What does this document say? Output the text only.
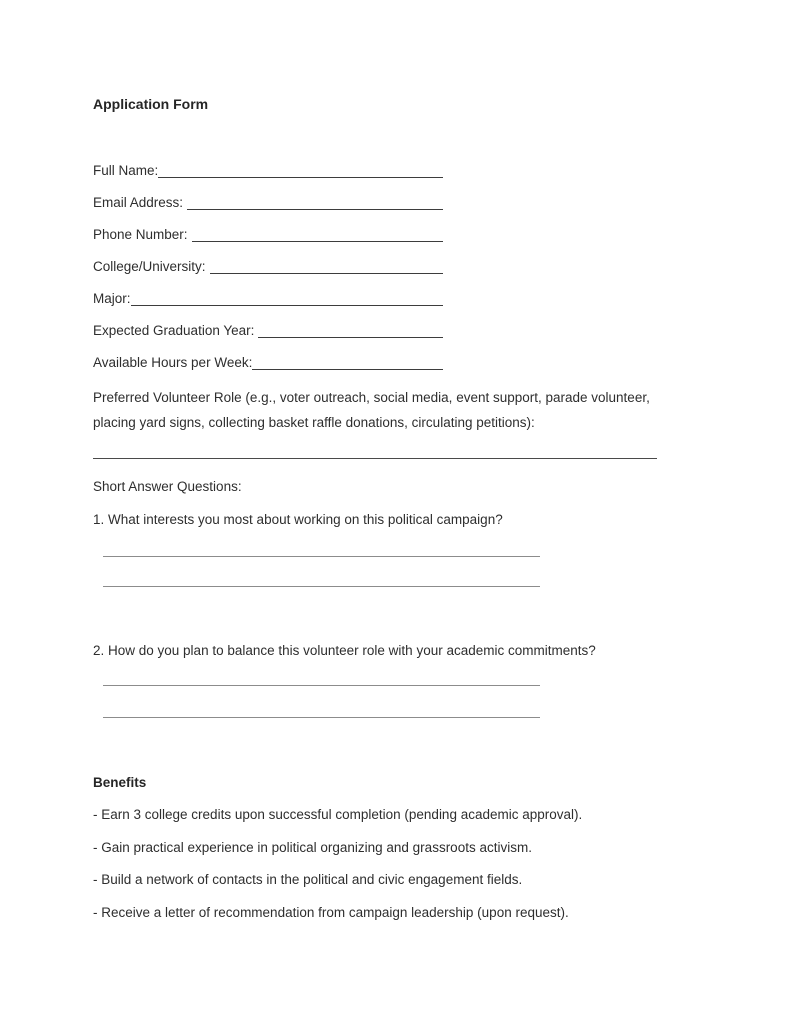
Application Form
Full Name:
Email Address:
Phone Number:
College/University:
Major:
Expected Graduation Year:
Available Hours per Week:

Preferred Volunteer Role (e.g., voter outreach, social media, event support, parade volunteer, placing yard signs, collecting basket raffle donations, circulating petitions):

Short Answer Questions:

1. What interests you most about working on this political campaign?

2. How do you plan to balance this volunteer role with your academic commitments?

Benefits

- Earn 3 college credits upon successful completion (pending academic approval).

- Gain practical experience in political organizing and grassroots activism.

- Build a network of contacts in the political and civic engagement fields.

- Receive a letter of recommendation from campaign leadership (upon request).
